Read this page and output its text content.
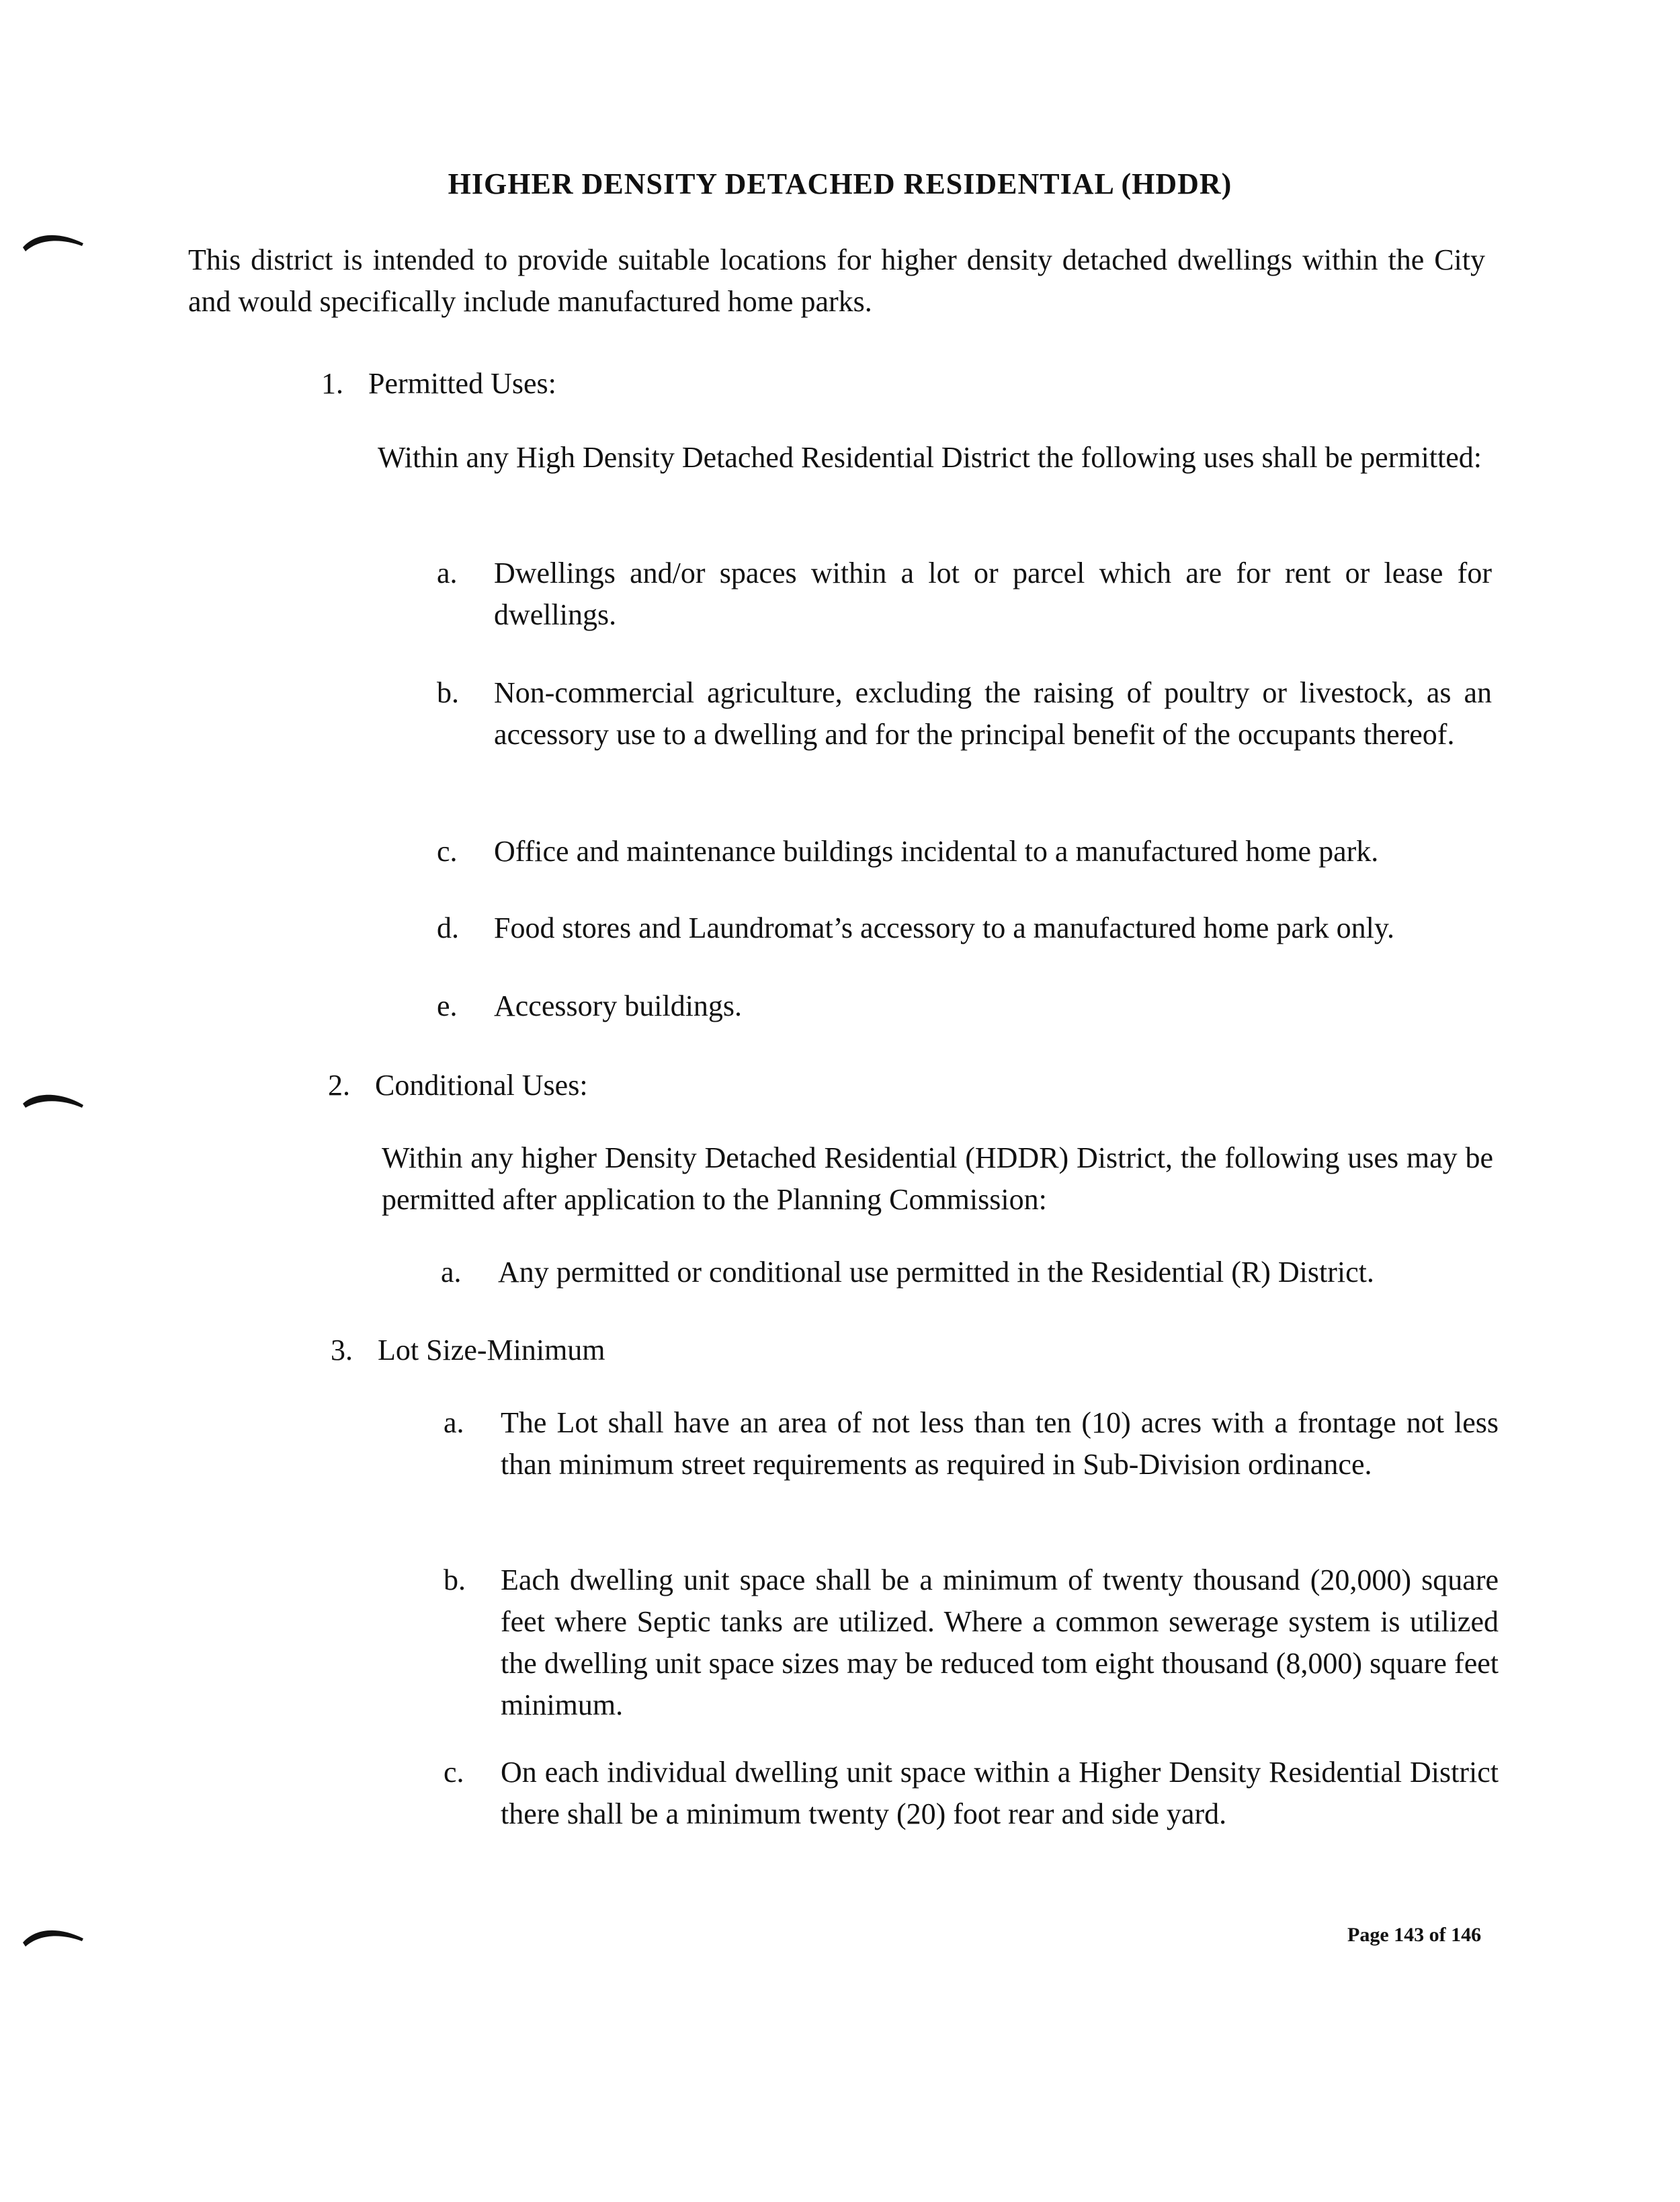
HIGHER DENSITY DETACHED RESIDENTIAL (HDDR)
This district is intended to provide suitable locations for higher density detached dwellings within the City and would specifically include manufactured home parks.
1. Permitted Uses:
Within any High Density Detached Residential District the following uses shall be permitted:
a. Dwellings and/or spaces within a lot or parcel which are for rent or lease for dwellings.
b. Non-commercial agriculture, excluding the raising of poultry or livestock, as an accessory use to a dwelling and for the principal benefit of the occupants thereof.
c. Office and maintenance buildings incidental to a manufactured home park.
d. Food stores and Laundromat’s accessory to a manufactured home park only.
e. Accessory buildings.
2. Conditional Uses:
Within any higher Density Detached Residential (HDDR) District, the following uses may be permitted after application to the Planning Commission:
a. Any permitted or conditional use permitted in the Residential (R) District.
3. Lot Size-Minimum
a. The Lot shall have an area of not less than ten (10) acres with a frontage not less than minimum street requirements as required in Sub-Division ordinance.
b. Each dwelling unit space shall be a minimum of twenty thousand (20,000) square feet where Septic tanks are utilized. Where a common sewerage system is utilized the dwelling unit space sizes may be reduced tom eight thousand (8,000) square feet minimum.
c. On each individual dwelling unit space within a Higher Density Residential District there shall be a minimum twenty (20) foot rear and side yard.
Page 143 of 146
